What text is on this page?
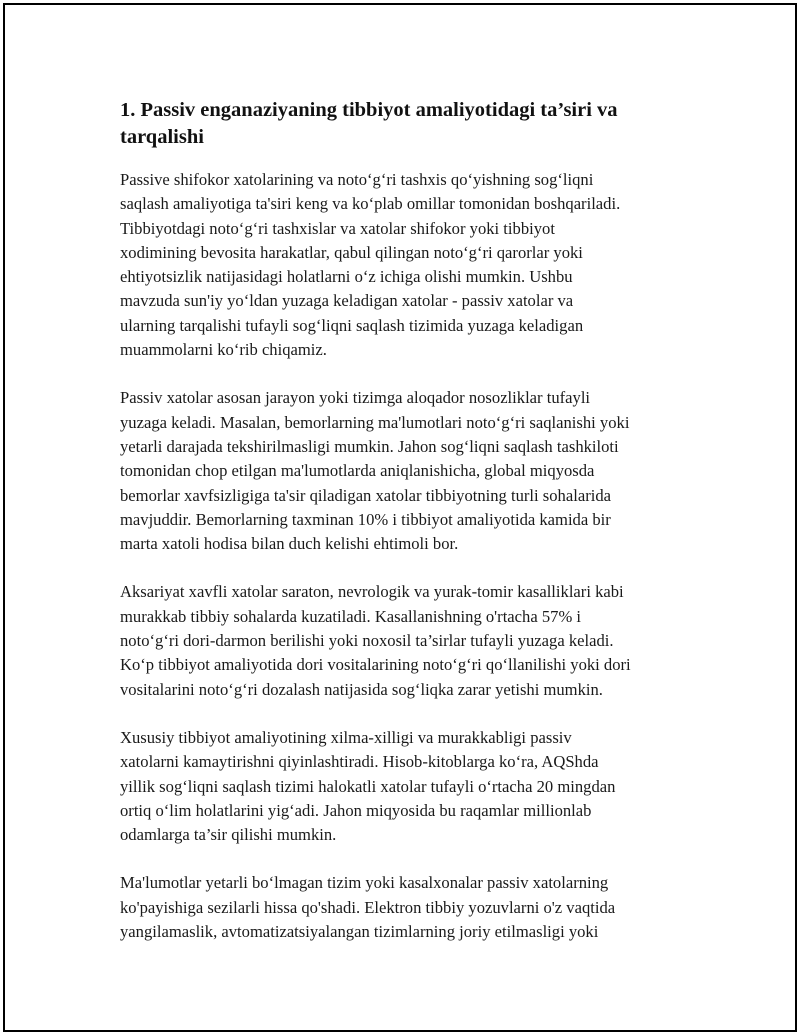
1. Passiv enganaziyaning tibbiyot amaliyotidagi ta’siri va
tarqalishi
Passive shifokor xatolarining va noto‘g‘ri tashxis qo‘yishning sog‘liqni
saqlash amaliyotiga ta'siri keng va ko‘plab omillar tomonidan boshqariladi.
Tibbiyotdagi noto‘g‘ri tashxislar va xatolar shifokor yoki tibbiyot
xodimining bevosita harakatlar, qabul qilingan noto‘g‘ri qarorlar yoki
ehtiyotsizlik natijasidagi holatlarni o‘z ichiga olishi mumkin. Ushbu
mavzuda sun'iy yo‘ldan yuzaga keladigan xatolar - passiv xatolar va
ularning tarqalishi tufayli sog‘liqni saqlash tizimida yuzaga keladigan
muammolarni ko‘rib chiqamiz.
Passiv xatolar asosan jarayon yoki tizimga aloqador nosozliklar tufayli
yuzaga keladi. Masalan, bemorlarning ma'lumotlari noto‘g‘ri saqlanishi yoki
yetarli darajada tekshirilmasligi mumkin. Jahon sog‘liqni saqlash tashkiloti
tomonidan chop etilgan ma'lumotlarda aniqlanishicha, global miqyosda
bemorlar xavfsizligiga ta'sir qiladigan xatolar tibbiyotning turli sohalarida
mavjuddir. Bemorlarning taxminan 10% i tibbiyot amaliyotida kamida bir
marta xatoli hodisa bilan duch kelishi ehtimoli bor.
Aksariyat xavfli xatolar saraton, nevrologik va yurak-tomir kasalliklari kabi
murakkab tibbiy sohalarda kuzatiladi. Kasallanishning o'rtacha 57% i
noto‘g‘ri dori-darmon berilishi yoki noxosil ta’sirlar tufayli yuzaga keladi.
Ko‘p tibbiyot amaliyotida dori vositalarining noto‘g‘ri qo‘llanilishi yoki dori
vositalarini noto‘g‘ri dozalash natijasida sog‘liqka zarar yetishi mumkin.
Xususiy tibbiyot amaliyotining xilma-xilligi va murakkabligi passiv
xatolarni kamaytirishni qiyinlashtiradi. Hisob-kitoblarga ko‘ra, AQShda
yillik sog‘liqni saqlash tizimi halokatli xatolar tufayli o‘rtacha 20 mingdan
ortiq o‘lim holatlarini yig‘adi. Jahon miqyosida bu raqamlar millionlab
odamlarga ta’sir qilishi mumkin.
Ma'lumotlar yetarli bo‘lmagan tizim yoki kasalxonalar passiv xatolarning
ko'payishiga sezilarli hissa qo'shadi. Elektron tibbiy yozuvlarni o'z vaqtida
yangilamaslik, avtomatizatsiyalangan tizimlarning joriy etilmasligi yoki
